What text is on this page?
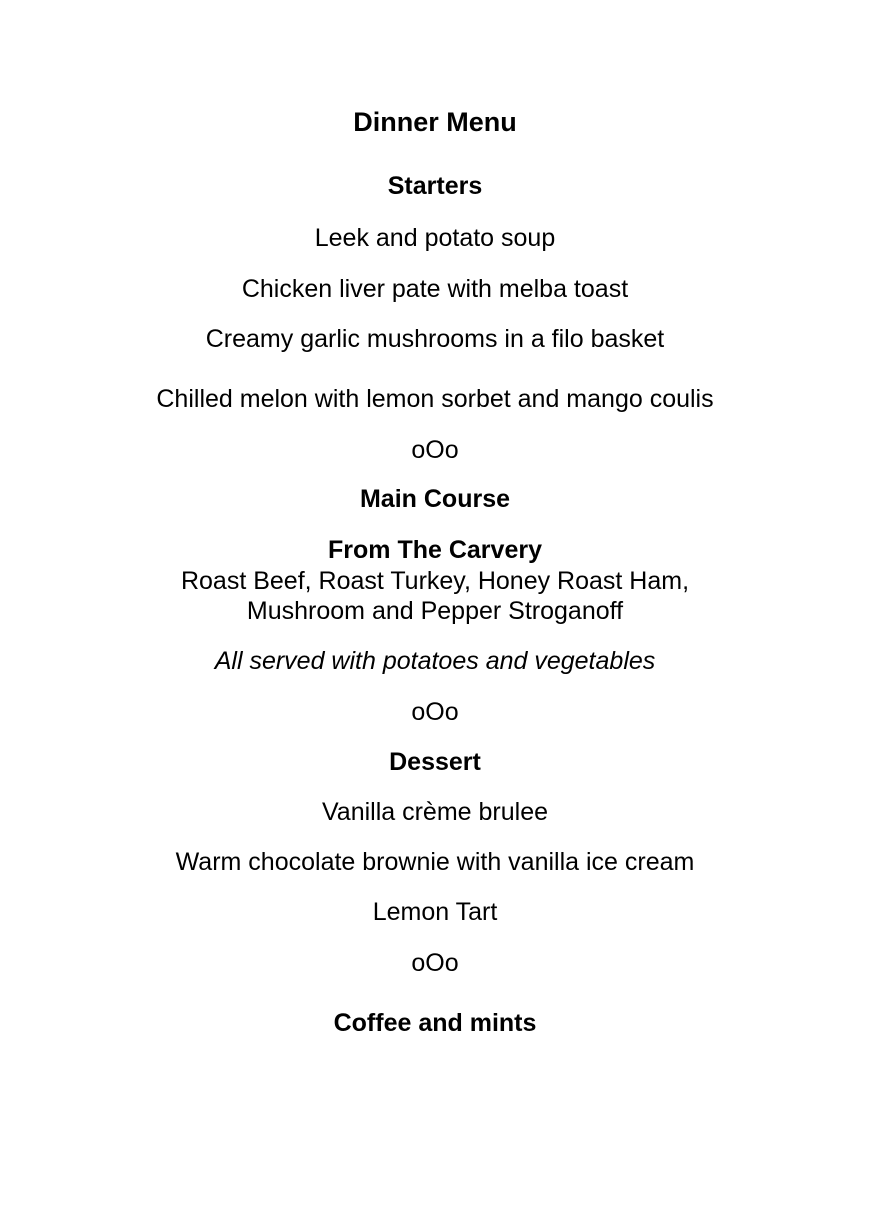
Dinner Menu
Starters
Leek and potato soup
Chicken liver pate with melba toast
Creamy garlic mushrooms in a filo basket
Chilled melon with lemon sorbet and mango coulis
oOo
Main Course
From The Carvery
Roast Beef, Roast Turkey, Honey Roast Ham,
Mushroom and Pepper Stroganoff
All served with potatoes and vegetables
oOo
Dessert
Vanilla crème brulee
Warm chocolate brownie with vanilla ice cream
Lemon Tart
oOo
Coffee and mints
